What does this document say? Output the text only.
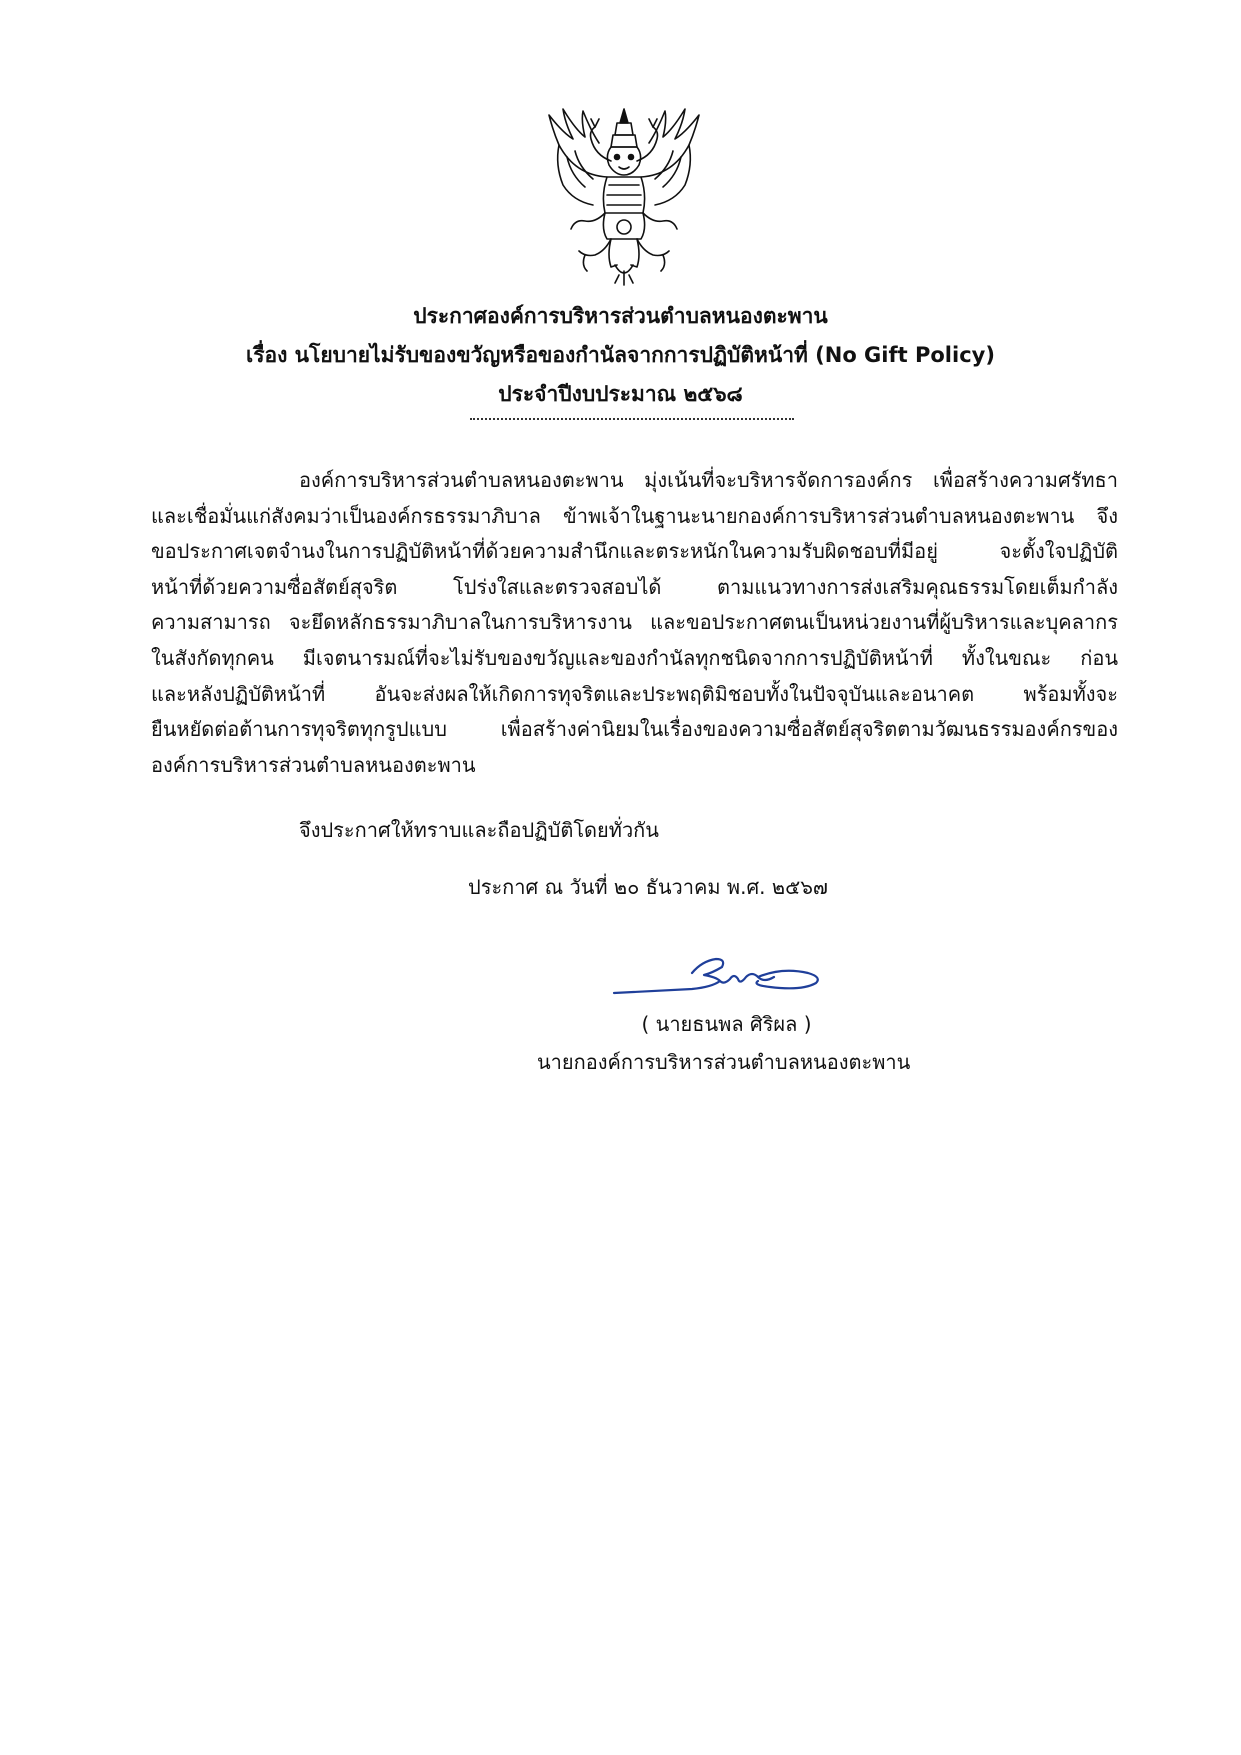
ประกาศองค์การบริหารส่วนตำบลหนองตะพาน
เรื่อง นโยบายไม่รับของขวัญหรือของกำนัลจากการปฏิบัติหน้าที่ (No Gift Policy)
ประจำปีงบประมาณ ๒๕๖๘
องค์การบริหารส่วนตำบลหนองตะพาน มุ่งเน้นที่จะบริหารจัดการองค์กร เพื่อสร้างความศรัทธา
และเชื่อมั่นแก่สังคมว่าเป็นองค์กรธรรมาภิบาล ข้าพเจ้าในฐานะนายกองค์การบริหารส่วนตำบลหนองตะพาน จึง
ขอประกาศเจตจำนงในการปฏิบัติหน้าที่ด้วยความสำนึกและตระหนักในความรับผิดชอบที่มีอยู่ จะตั้งใจปฏิบัติ
หน้าที่ด้วยความซื่อสัตย์สุจริต โปร่งใสและตรวจสอบได้ ตามแนวทางการส่งเสริมคุณธรรมโดยเต็มกำลัง
ความสามารถ จะยึดหลักธรรมาภิบาลในการบริหารงาน และขอประกาศตนเป็นหน่วยงานที่ผู้บริหารและบุคลากร
ในสังกัดทุกคน มีเจตนารมณ์ที่จะไม่รับของขวัญและของกำนัลทุกชนิดจากการปฏิบัติหน้าที่ ทั้งในขณะ ก่อน
และหลังปฏิบัติหน้าที่ อันจะส่งผลให้เกิดการทุจริตและประพฤติมิชอบทั้งในปัจจุบันและอนาคต พร้อมทั้งจะ
ยืนหยัดต่อต้านการทุจริตทุกรูปแบบ เพื่อสร้างค่านิยมในเรื่องของความซื่อสัตย์สุจริตตามวัฒนธรรมองค์กรของ
องค์การบริหารส่วนตำบลหนองตะพาน
จึงประกาศให้ทราบและถือปฏิบัติโดยทั่วกัน
ประกาศ ณ วันที่ ๒๐ ธันวาคม พ.ศ. ๒๕๖๗
( นายธนพล ศิริผล )
นายกองค์การบริหารส่วนตำบลหนองตะพาน
